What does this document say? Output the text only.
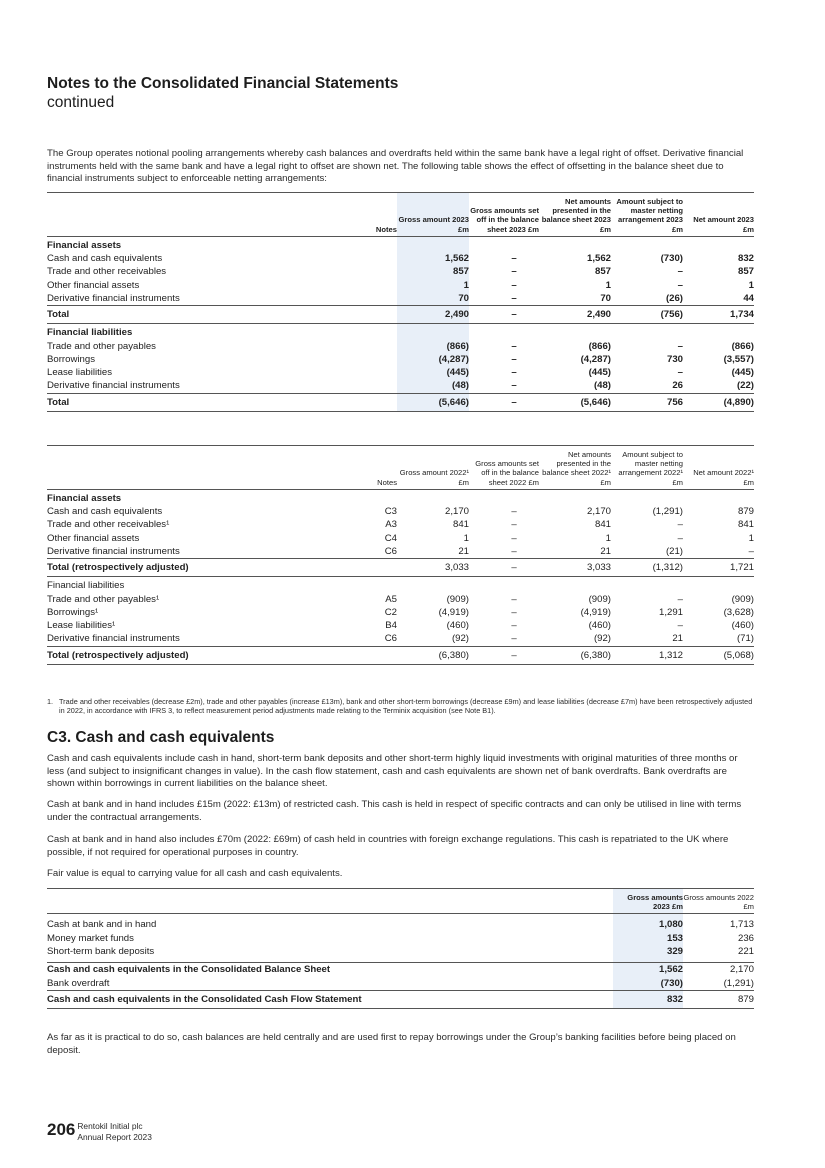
Notes to the Consolidated Financial Statements
continued

The Group operates notional pooling arrangements whereby cash balances and overdrafts held within the same bank have a legal right of offset. Derivative financial instruments held with the same bank and have a legal right to offset are shown net. The following table shows the effect of offsetting in the balance sheet due to financial instruments subject to enforceable netting arrangements:

	Notes	Gross amount 2023 £m	Gross amounts set off in the balance sheet 2023 £m	Net amounts presented in the balance sheet 2023 £m	Amount subject to master netting arrangement 2023 £m	Net amount 2023 £m
Financial assets						
Cash and cash equivalents		1,562	–	1,562	(730)	832
Trade and other receivables		857	–	857	–	857
Other financial assets		1	–	1	–	1
Derivative financial instruments		70	–	70	(26)	44
Total		2,490	–	2,490	(756)	1,734
Financial liabilities						
Trade and other payables		(866)	–	(866)	–	(866)
Borrowings		(4,287)	–	(4,287)	730	(3,557)
Lease liabilities		(445)	–	(445)	–	(445)
Derivative financial instruments		(48)	–	(48)	26	(22)
Total		(5,646)	–	(5,646)	756	(4,890)
	Notes	Gross amount 2022¹ £m	Gross amounts set off in the balance sheet 2022 £m	Net amounts presented in the balance sheet 2022¹ £m	Amount subject to master netting arrangement 2022¹ £m	Net amount 2022¹ £m
Financial assets						
Cash and cash equivalents	C3	2,170	–	2,170	(1,291)	879
Trade and other receivables¹	A3	841	–	841	–	841
Other financial assets	C4	1	–	1	–	1
Derivative financial instruments	C6	21	–	21	(21)	–
Total (retrospectively adjusted)		3,033	–	3,033	(1,312)	1,721
Financial liabilities						
Trade and other payables¹	A5	(909)	–	(909)	–	(909)
Borrowings¹	C2	(4,919)	–	(4,919)	1,291	(3,628)
Lease liabilities¹	B4	(460)	–	(460)	–	(460)
Derivative financial instruments	C6	(92)	–	(92)	21	(71)
Total (retrospectively adjusted)		(6,380)	–	(6,380)	1,312	(5,068)
1. Trade and other receivables (decrease £2m), trade and other payables (increase £13m), bank and other short-term borrowings (decrease £9m) and lease liabilities (decrease £7m) have been retrospectively adjusted in 2022, in accordance with IFRS 3, to reflect measurement period adjustments made relating to the Terminix acquisition (see Note B1).
C3. Cash and cash equivalents

Cash and cash equivalents include cash in hand, short-term bank deposits and other short-term highly liquid investments with original maturities of three months or less (and subject to insignificant changes in value). In the cash flow statement, cash and cash equivalents are shown net of bank overdrafts. Bank overdrafts are shown within borrowings in current liabilities on the balance sheet.

Cash at bank and in hand includes £15m (2022: £13m) of restricted cash. This cash is held in respect of specific contracts and can only be utilised in line with terms under the contractual arrangements.

Cash at bank and in hand also includes £70m (2022: £69m) of cash held in countries with foreign exchange regulations. This cash is repatriated to the UK where possible, if not required for operational purposes in country.

Fair value is equal to carrying value for all cash and cash equivalents.

	Gross amounts 2023 £m	Gross amounts 2022 £m

Cash at bank and in hand	1,080	1,713
Money market funds	153	236
Short-term bank deposits	329	221

Cash and cash equivalents in the Consolidated Balance Sheet	1,562	2,170
Bank overdraft	(730)	(1,291)
Cash and cash equivalents in the Consolidated Cash Flow Statement	832	879

As far as it is practical to do so, cash balances are held centrally and are used first to repay borrowings under the Group’s banking facilities before being placed on deposit.

206 Rentokil Initial plc
Annual Report 2023
